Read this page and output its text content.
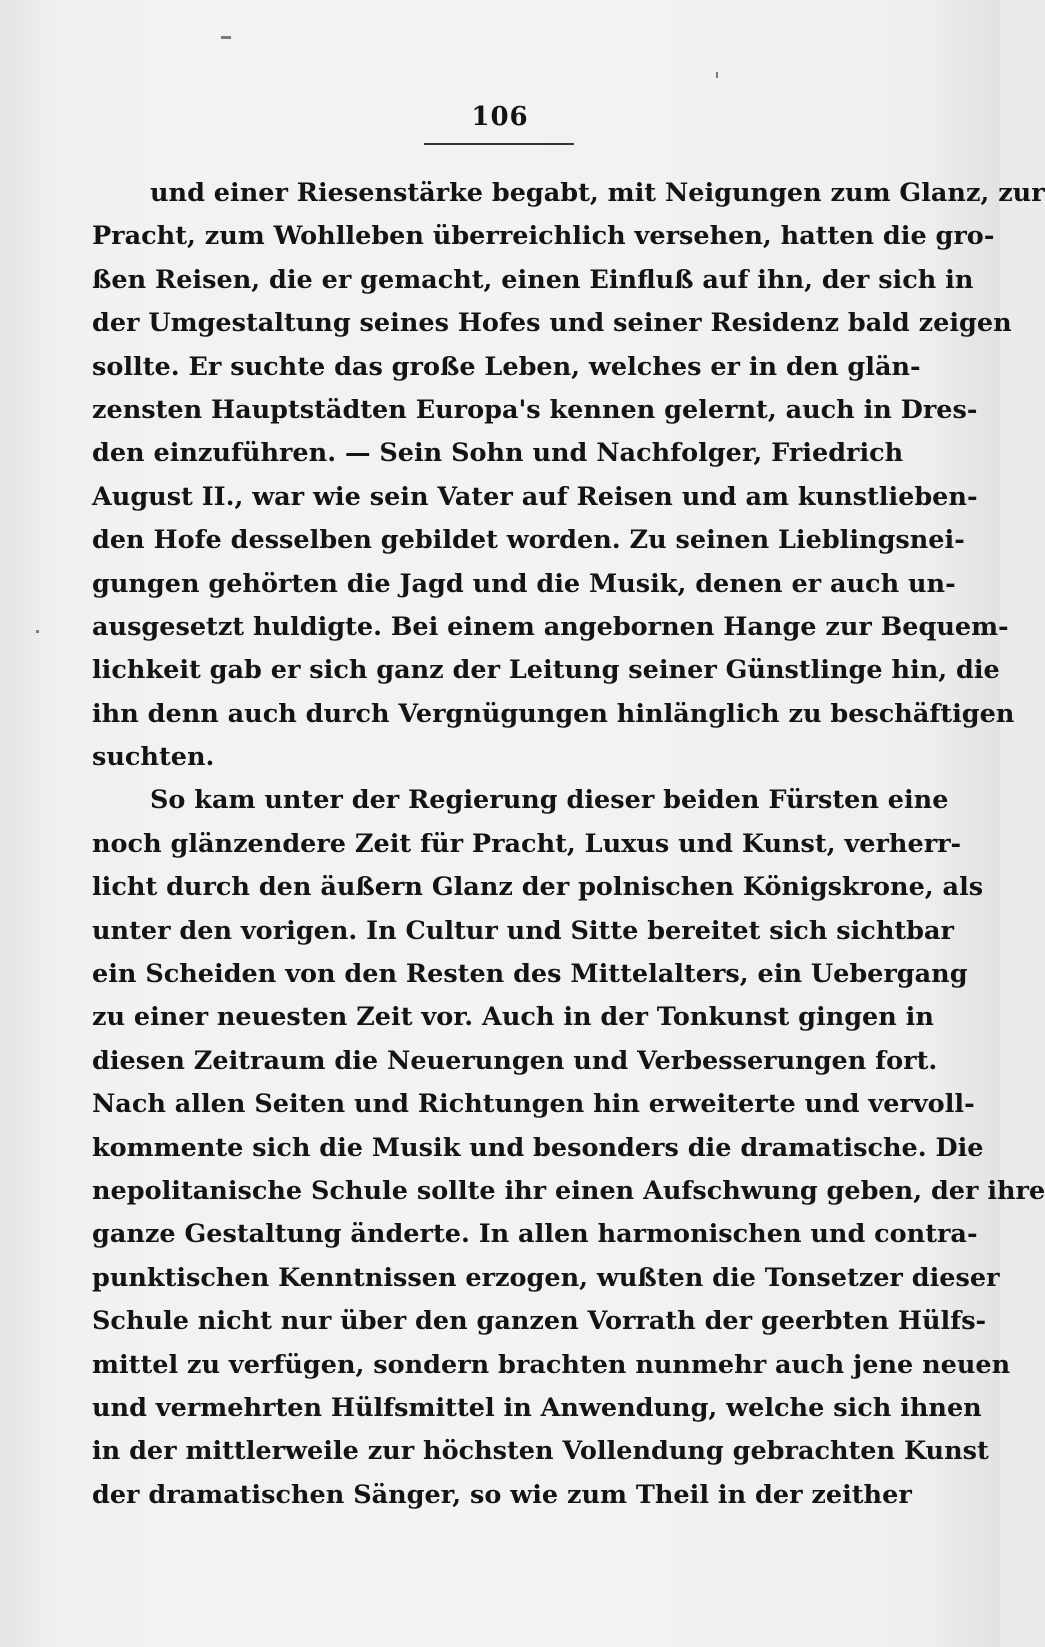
106
und einer Riesenstärke begabt, mit Neigungen zum Glanz, zur
Pracht, zum Wohlleben überreichlich versehen, hatten die gro-
ßen Reisen, die er gemacht, einen Einfluß auf ihn, der sich in
der Umgestaltung seines Hofes und seiner Residenz bald zeigen
sollte. Er suchte das große Leben, welches er in den glän-
zensten Hauptstädten Europa's kennen gelernt, auch in Dres-
den einzuführen. — Sein Sohn und Nachfolger, Friedrich
August II., war wie sein Vater auf Reisen und am kunstlieben-
den Hofe desselben gebildet worden. Zu seinen Lieblingsnei-
gungen gehörten die Jagd und die Musik, denen er auch un-
ausgesetzt huldigte. Bei einem angebornen Hange zur Bequem-
lichkeit gab er sich ganz der Leitung seiner Günstlinge hin, die
ihn denn auch durch Vergnügungen hinlänglich zu beschäftigen
suchten.
So kam unter der Regierung dieser beiden Fürsten eine
noch glänzendere Zeit für Pracht, Luxus und Kunst, verherr-
licht durch den äußern Glanz der polnischen Königskrone, als
unter den vorigen. In Cultur und Sitte bereitet sich sichtbar
ein Scheiden von den Resten des Mittelalters, ein Uebergang
zu einer neuesten Zeit vor. Auch in der Tonkunst gingen in
diesen Zeitraum die Neuerungen und Verbesserungen fort.
Nach allen Seiten und Richtungen hin erweiterte und vervoll-
kommente sich die Musik und besonders die dramatische. Die
nepolitanische Schule sollte ihr einen Aufschwung geben, der ihre
ganze Gestaltung änderte. In allen harmonischen und contra-
punktischen Kenntnissen erzogen, wußten die Tonsetzer dieser
Schule nicht nur über den ganzen Vorrath der geerbten Hülfs-
mittel zu verfügen, sondern brachten nunmehr auch jene neuen
und vermehrten Hülfsmittel in Anwendung, welche sich ihnen
in der mittlerweile zur höchsten Vollendung gebrachten Kunst
der dramatischen Sänger, so wie zum Theil in der zeither
